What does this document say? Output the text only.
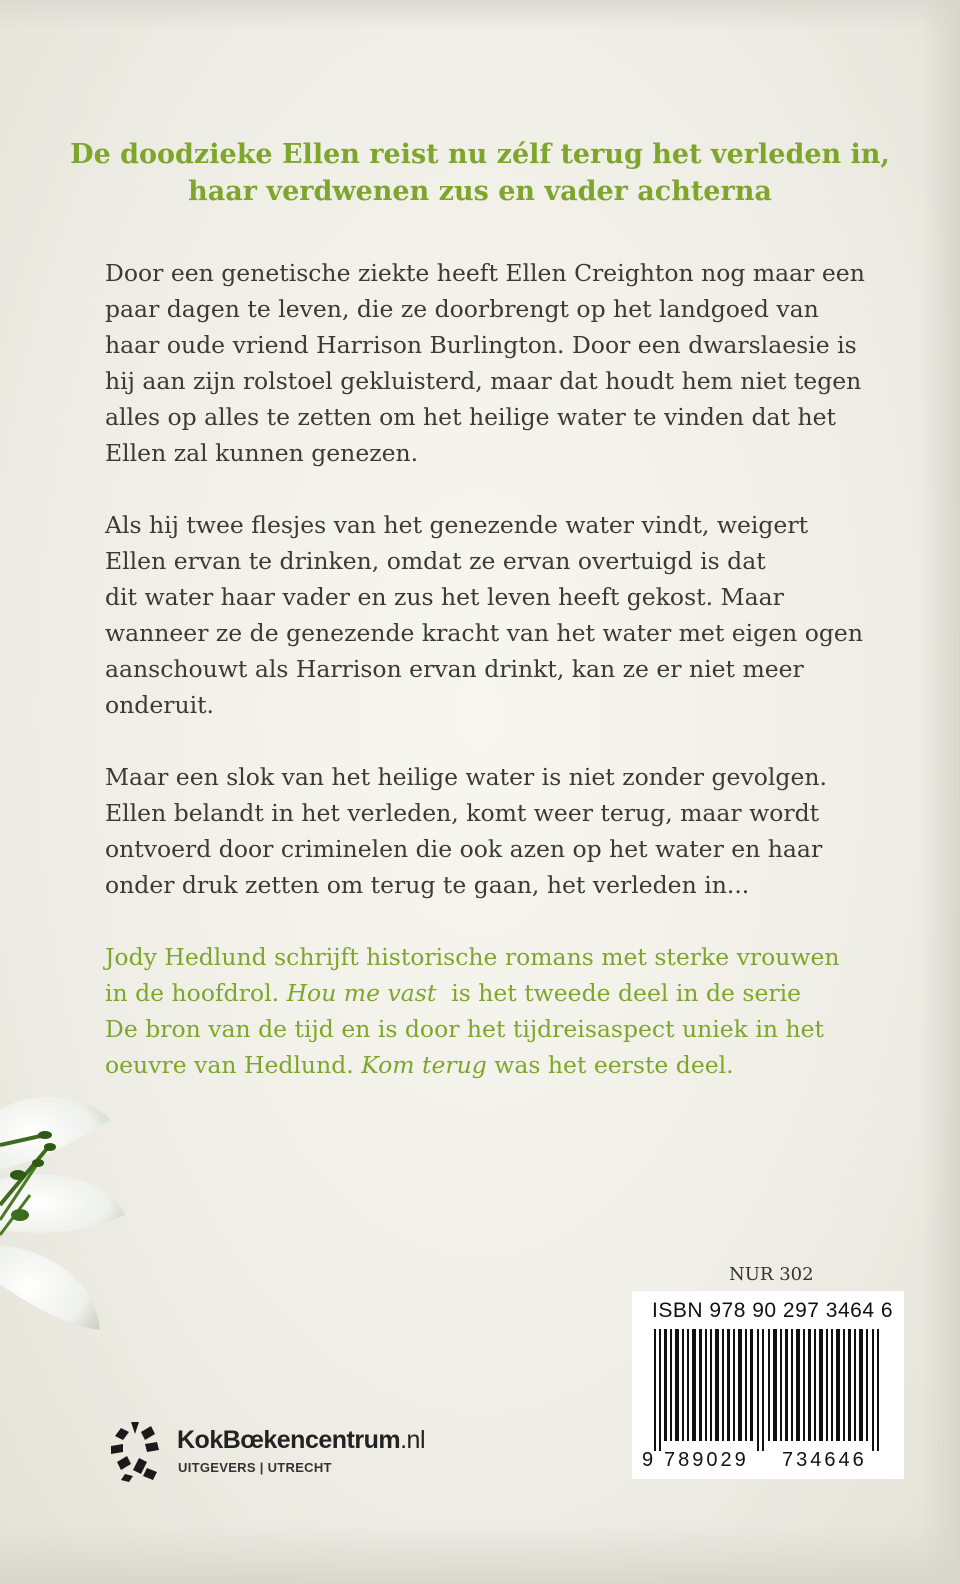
De doodzieke Ellen reist nu zélf terug het verleden in,
haar verdwenen zus en vader achterna
Door een genetische ziekte heeft Ellen Creighton nog maar een
paar dagen te leven, die ze doorbrengt op het landgoed van
haar oude vriend Harrison Burlington. Door een dwarslaesie is
hij aan zijn rolstoel gekluisterd, maar dat houdt hem niet tegen
alles op alles te zetten om het heilige water te vinden dat het
Ellen zal kunnen genezen.
Als hij twee flesjes van het genezende water vindt, weigert
Ellen ervan te drinken, omdat ze ervan overtuigd is dat
dit water haar vader en zus het leven heeft gekost. Maar
wanneer ze de genezende kracht van het water met eigen ogen
aanschouwt als Harrison ervan drinkt, kan ze er niet meer
onderuit.
Maar een slok van het heilige water is niet zonder gevolgen.
Ellen belandt in het verleden, komt weer terug, maar wordt
ontvoerd door criminelen die ook azen op het water en haar
onder druk zetten om terug te gaan, het verleden in...
Jody Hedlund schrijft historische romans met sterke vrouwen
in de hoofdrol. Hou me vast  is het tweede deel in de serie
De bron van de tijd en is door het tijdreisaspect uniek in het
oeuvre van Hedlund. Kom terug was het eerste deel.
NUR 302
ISBN 978 90 297 3464 6
9 789029 734646
KokBœkencentrum.nl
UITGEVERS | UTRECHT
